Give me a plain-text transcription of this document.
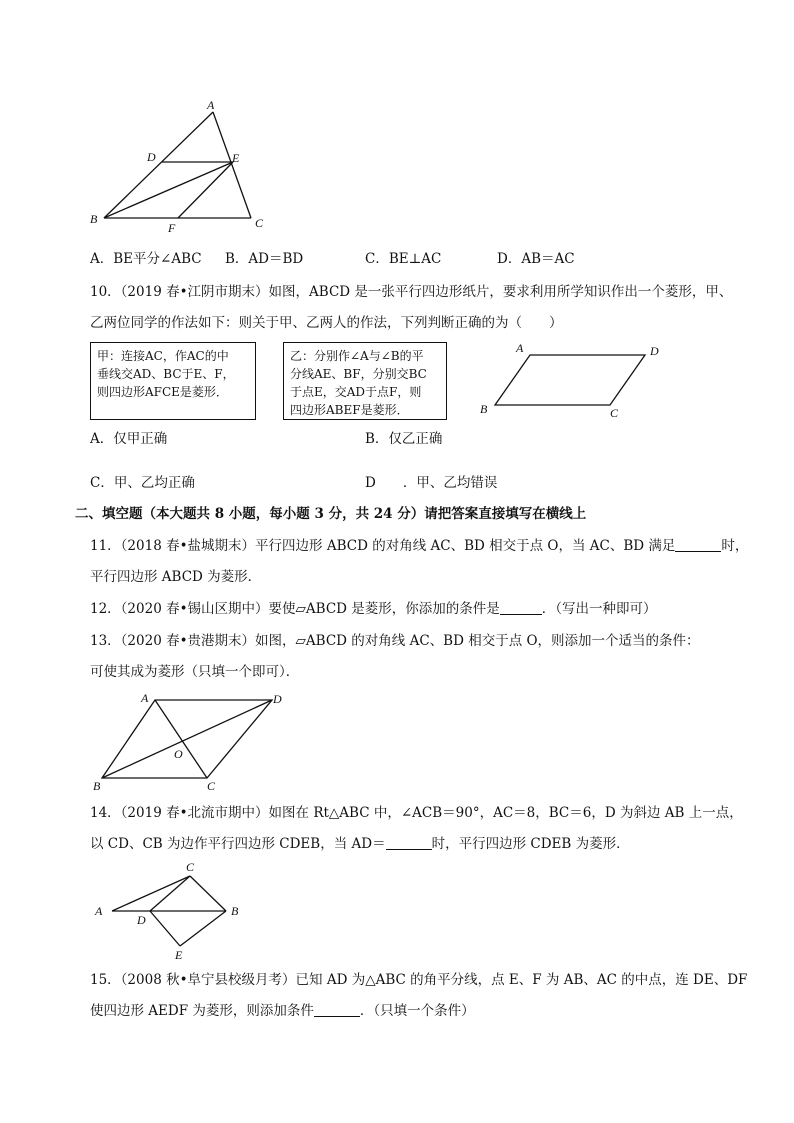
A
D	E
B
F	C
A．BE平分∠ABC B．AD＝BD	C．BE⊥AC	D．AB＝AC
10．（2019 春•江阴市期末）如图，ABCD 是一张平行四边形纸片，要求利用所学知识作出一个菱形，甲、
乙两位同学的作法如下：则关于甲、乙两人的作法，下列判断正确的为（　　）
甲：连接AC，作AC的中
垂线交AD、BC于E、F，
则四边形AFCE是菱形．
乙：分别作∠A与∠B的平
分线AE、BF，分别交BC
于点E，交AD于点F，则
四边形ABEF是菱形．
A	D
B	C
A．仅甲正确	B．仅乙正确
C．甲、乙均正确	D　　．甲、乙均错误
二、填空题（本大题共 8 小题，每小题 3 分，共 24 分）请把答案直接填写在横线上
11．（2018 春•盐城期末）平行四边形 ABCD 的对角线 AC、BD 相交于点 O，当 AC、BD 满足	时，
平行四边形 ABCD 为菱形．
12．（2020 春•锡山区期中）要使▱ABCD 是菱形，你添加的条件是	．（写出一种即可）
13．（2020 春•贵港期末）如图，▱ABCD 的对角线 AC、BD 相交于点 O，则添加一个适当的条件：
可使其成为菱形（只填一个即可）．
A	D
O
B	C
14．（2019 春•北流市期中）如图在 Rt△ABC 中，∠ACB＝90°，AC＝8，BC＝6，D 为斜边 AB 上一点，
以 CD、CB 为边作平行四边形 CDEB，当 AD＝	时，平行四边形 CDEB 为菱形．
C
A
D
B
E
15．（2008 秋•阜宁县校级月考）已知 AD 为△ABC 的角平分线，点 E、F 为 AB、AC 的中点，连 DE、DF
使四边形 AEDF 为菱形，则添加条件	．（只填一个条件）
